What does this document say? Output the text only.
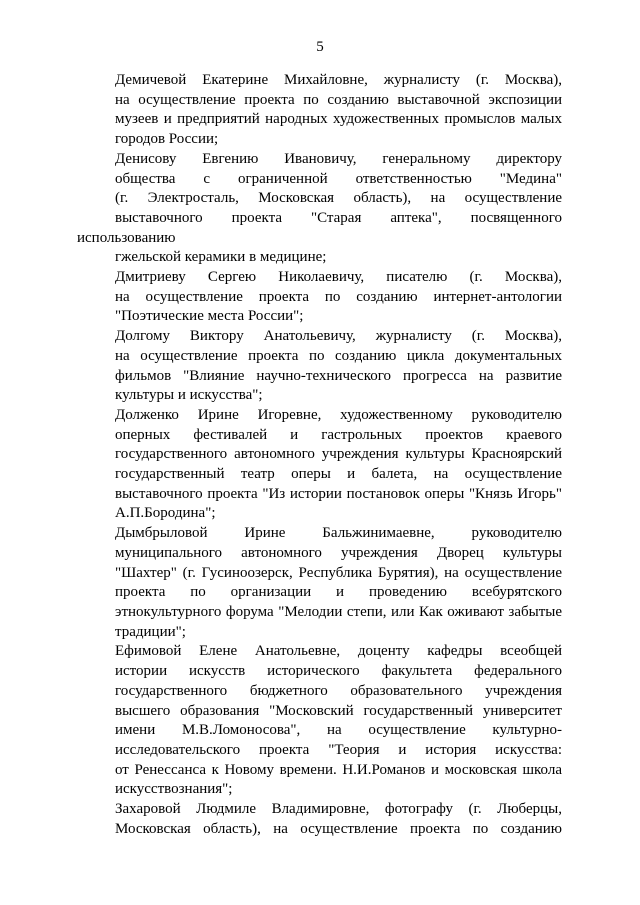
5

Демичевой Екатерине Михайловне, журналисту (г. Москва),
на осуществление проекта по созданию выставочной экспозиции
музеев и предприятий народных художественных промыслов малых
городов России;

Денисову Евгению Ивановичу, генеральному директору
общества с ограниченной ответственностью "Медина"
(г. Электросталь, Московская область), на осуществление
выставочного проекта "Старая аптека", посвященного использованию
гжельской керамики в медицине;

Дмитриеву Сергею Николаевичу, писателю (г. Москва),
на осуществление проекта по созданию интернет-антологии
"Поэтические места России";

Долгому Виктору Анатольевичу, журналисту (г. Москва),
на осуществление проекта по созданию цикла документальных
фильмов "Влияние научно-технического прогресса на развитие
культуры и искусства";

Долженко Ирине Игоревне, художественному руководителю
оперных фестивалей и гастрольных проектов краевого
государственного автономного учреждения культуры Красноярский
государственный театр оперы и балета, на осуществление
выставочного проекта "Из истории постановок оперы "Князь Игорь"
А.П.Бородина";

Дымбрыловой Ирине Бальжинимаевне, руководителю
муниципального автономного учреждения Дворец культуры
"Шахтер" (г. Гусиноозерск, Республика Бурятия), на осуществление
проекта по организации и проведению всебурятского
этнокультурного форума "Мелодии степи, или Как оживают забытые
традиции";

Ефимовой Елене Анатольевне, доценту кафедры всеобщей
истории искусств исторического факультета федерального
государственного бюджетного образовательного учреждения
высшего образования "Московский государственный университет
имени М.В.Ломоносова", на осуществление культурно-
исследовательского проекта "Теория и история искусства:
от Ренессанса к Новому времени. Н.И.Романов и московская школа
искусствознания";

Захаровой Людмиле Владимировне, фотографу (г. Люберцы,
Московская область), на осуществление проекта по созданию
